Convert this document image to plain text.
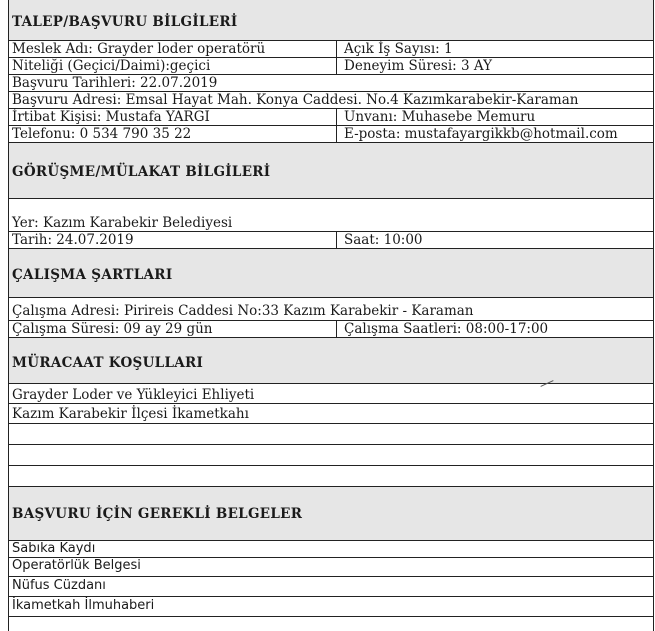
TALEP/BAŞVURU BİLGİLERİ
Meslek Adı: Grayder loder operatörü	Açık İş Sayısı: 1
Niteliği (Geçici/Daimi):geçici	Deneyim Süresi: 3 AY
Başvuru Tarihleri: 22.07.2019
Başvuru Adresi: Emsal Hayat Mah. Konya Caddesi. No.4 Kazımkarabekir-Karaman
İrtibat Kişisi: Mustafa YARGI	Unvanı: Muhasebe Memuru
Telefonu: 0 534 790 35 22	E-posta: mustafayargikkb@hotmail.com
GÖRÜŞME/MÜLAKAT BİLGİLERİ
Yer: Kazım Karabekir Belediyesi
Tarih: 24.07.2019	Saat: 10:00
ÇALIŞMA ŞARTLARI
Çalışma Adresi: Pirireis Caddesi No:33 Kazım Karabekir - Karaman
Çalışma Süresi: 09 ay 29 gün	Çalışma Saatleri: 08:00-17:00
MÜRACAAT KOŞULLARI
Grayder Loder ve Yükleyici Ehliyeti
Kazım Karabekir İlçesi İkametkahı
BAŞVURU İÇİN GEREKLİ BELGELER
Sabıka Kaydı
Operatörlük Belgesi
Nüfus Cüzdanı
İkametkah İlmuhaberi
